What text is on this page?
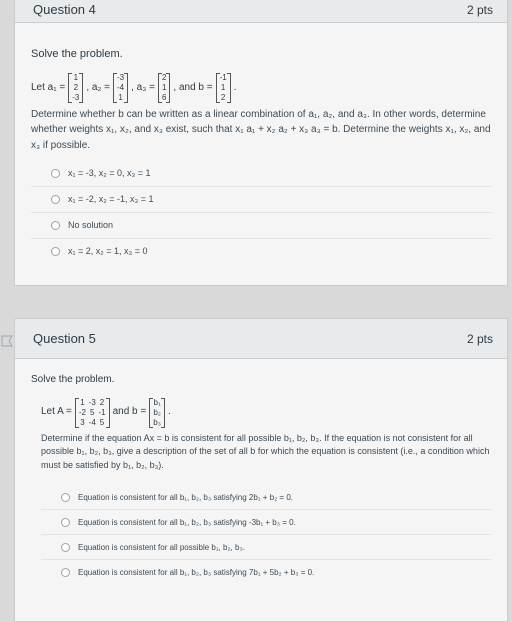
Question 4	2 pts

Solve the problem.

Let a₁ =
1
2
-3
, a₂ =
-3
-4
1
, a₃ =
2
1
6
, and b =
-1
1
2
.
Determine whether b can be written as a linear combination of a₁, a₂, and a₃. In other words, determine whether weights x₁, x₂, and x₃ exist, such that x₁ a₁ + x₂ a₂ + x₃ a₃ = b. Determine the weights x₁, x₂, and x₃ if possible.
x₁ = -3, x₂ = 0, x₃ = 1
x₁ = -2, x₂ = -1, x₃ = 1
No solution
x₁ = 2, x₂ = 1, x₃ = 0
Question 5	2 pts

Solve the problem.

Let A =
1 -3 2
-2 5 -1
3 -4 5
and b =
b₁
b₂
b₃
.
Determine if the equation Ax = b is consistent for all possible b₁, b₂, b₃. If the equation is not consistent for all possible b₁, b₂, b₃, give a description of the set of all b for which the equation is consistent (i.e., a condition which must be satisfied by b₁, b₂, b₃).
Equation is consistent for all b₁, b₂, b₃ satisfying 2b₁ + b₂ = 0.
Equation is consistent for all b₁, b₂, b₃ satisfying -3b₁ + b₃ = 0.
Equation is consistent for all possible b₁, b₂, b₃.
Equation is consistent for all b₁, b₂, b₃ satisfying 7b₁ + 5b₂ + b₃ = 0.
